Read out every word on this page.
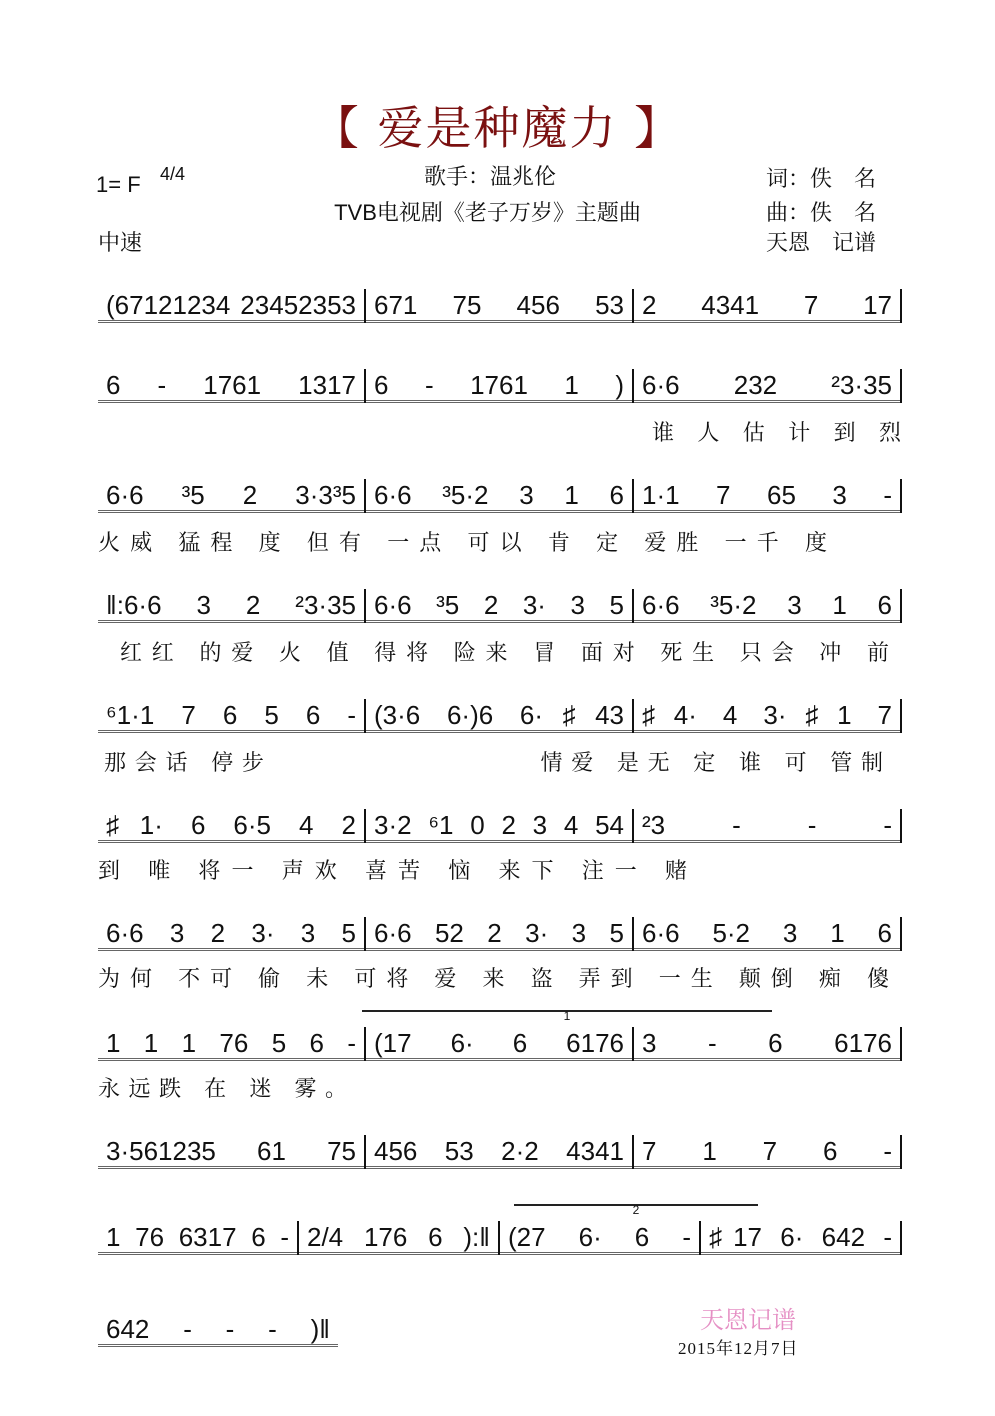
【 爱是种魔力 】
1= F 4/4
中速
歌手：温兆伦
TVB电视剧《老子万岁》主题曲
词：佚　名
曲：佚　名
天恩　记谱
(67121234 23452353 671 75 456 53 2 4341 7 17
6 - 1761 1317 6 - 1761 1 ) 6·6 232 ²3·35
谁 人 估 计 到 烈
6·6 ³5 2 3·3³5 6·6 ³5·2 3 1 6 1·1 7 65 3 -
火威 猛程 度 但有 一点 可以 肯 定 爱胜 一千 度
‖:6·6 3 2 ²3·35 6·6 ³5 2 3· 3 5 6·6 ³5·2 3 1 6
红红 的爱 火 值 得将 险来 冒 面对 死生 只会 冲 前
⁶1·1 7 6 5 6 - (3·6 6·)6 6·♯43 ♯4· 4 3·♯1 7
那会话 停步                  情爱 是无 定 谁 可 管制
♯1· 6 6·5 4 2 3·2 ⁶1 0 2 3 4 54 ²3 - - -
到 唯 将一 声欢 喜苦 恼 来下 注一 赌
6·6 3 2 3· 3 5 6·6 52 2 3· 3 5 6·6 5·2 3 1 6
为何 不可 偷 未 可将 爱 来 盗 弄到 一生 颠倒 痴 傻
1 1 1 76 5 6 - (17 6· 6 6176 3 - 6 6176
永远跌 在 迷 雾。
3·561235 61 75 456 53 2·2 4341 7 1 7 6 -
1 76 6317 6 - 2/4 176 6 ):‖ (27 6· 6 - ♯17 6· 642 -
642 - - - )‖
1
2
天恩记谱
2015年12月7日
